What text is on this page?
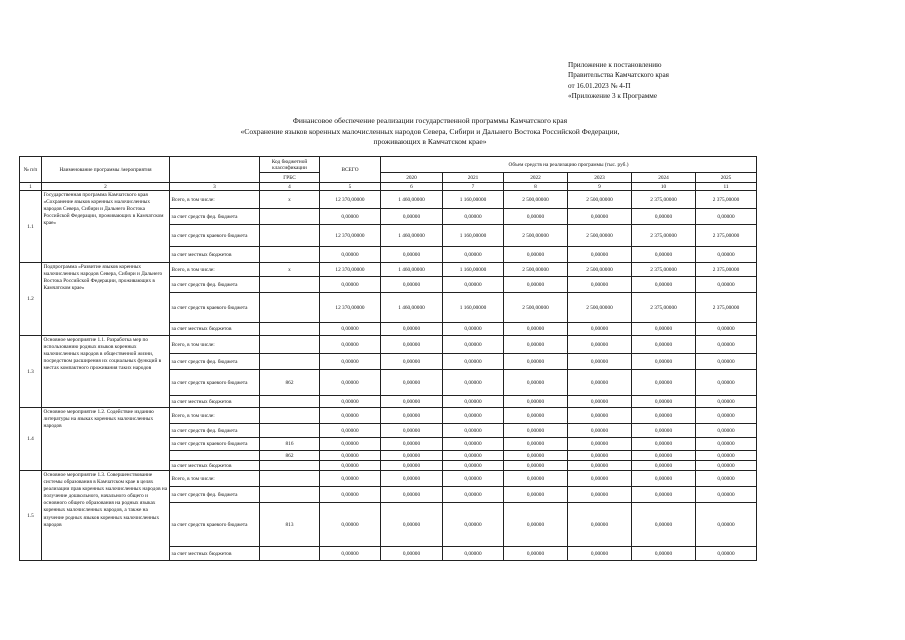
Приложение к постановлению
Правительства Камчатского края
от 16.01.2023 № 4-П
«Приложение 3 к Программе
Финансовое обеспечение реализации государственной программы Камчатского края
«Сохранение языков коренных малочисленных народов Севера, Сибири и Дальнего Востока Российской Федерации,
проживающих в Камчатском крае»
№ п/п	Наименование программы /мероприятия		Код бюджетной классификации	ВСЕГО	Объем средств на реализацию программы (тыс. руб.)					
			ГРБС		2020	2021	2022	2023	2024	2025
1	2	3	4	5	6	7	8	9	10	11
1.1	Государственная программа Камчатского края «Сохранение языков коренных малочисленных народов Севера, Сибири и Дальнего Востока Российской Федерации, проживающих в Камчатском крае»	Всего, в том числе:	х	12 370,00000	1 460,00000	1 160,00000	2 500,00000	2 500,00000	2 375,00000	2 375,00000
		за счет средств фед. бюджета		0,00000	0,00000	0,00000	0,00000	0,00000	0,00000	0,00000
		за счет средств краевого бюджета		12 370,00000	1 460,00000	1 160,00000	2 500,00000	2 500,00000	2 375,00000	2 375,00000
		за счет местных бюджетов		0,00000	0,00000	0,00000	0,00000	0,00000	0,00000	0,00000
1.2	Подпрограмма «Развитие языков коренных малочисленных народов Севера, Сибири и Дальнего Востока Российской Федерации, проживающих в Камчатском крае»	Всего, в том числе:	х	12 370,00000	1 460,00000	1 160,00000	2 500,00000	2 500,00000	2 375,00000	2 375,00000
		за счет средств фед. бюджета		0,00000	0,00000	0,00000	0,00000	0,00000	0,00000	0,00000
		за счет средств краевого бюджета		12 370,00000	1 460,00000	1 160,00000	2 500,00000	2 500,00000	2 375,00000	2 375,00000
		за счет местных бюджетов		0,00000	0,00000	0,00000	0,00000	0,00000	0,00000	0,00000
1.3	Основное мероприятие 1.1. Разработка мер по использованию родных языков коренных малочисленных народов в общественной жизни, посредством расширения их социальных функций в местах компактного проживания таких народов	Всего, в том числе:		0,00000	0,00000	0,00000	0,00000	0,00000	0,00000	0,00000
		за счет средств фед. бюджета		0,00000	0,00000	0,00000	0,00000	0,00000	0,00000	0,00000
		за счет средств краевого бюджета	862	0,00000	0,00000	0,00000	0,00000	0,00000	0,00000	0,00000
		за счет местных бюджетов		0,00000	0,00000	0,00000	0,00000	0,00000	0,00000	0,00000
1.4	Основное мероприятие 1.2. Содействие изданию литературы на языках коренных малочисленных народов	Всего, в том числе:		0,00000	0,00000	0,00000	0,00000	0,00000	0,00000	0,00000
		за счет средств фед. бюджета		0,00000	0,00000	0,00000	0,00000	0,00000	0,00000	0,00000
		за счет средств краевого бюджета	816	0,00000	0,00000	0,00000	0,00000	0,00000	0,00000	0,00000
			862	0,00000	0,00000	0,00000	0,00000	0,00000	0,00000	0,00000
		за счет местных бюджетов		0,00000	0,00000	0,00000	0,00000	0,00000	0,00000	0,00000
1.5	Основное мероприятие 1.3. Совершенствование системы образования в Камчатском крае в целях реализации прав коренных малочисленных народов на получение дошкольного, начального общего и основного общего образования на родных языках коренных малочисленных народов, а также на изучение родных языков коренных малочисленных народов	Всего, в том числе:		0,00000	0,00000	0,00000	0,00000	0,00000	0,00000	0,00000
		за счет средств фед. бюджета		0,00000	0,00000	0,00000	0,00000	0,00000	0,00000	0,00000
		за счет средств краевого бюджета	813	0,00000	0,00000	0,00000	0,00000	0,00000	0,00000	0,00000
		за счет местных бюджетов		0,00000	0,00000	0,00000	0,00000	0,00000	0,00000	0,00000
